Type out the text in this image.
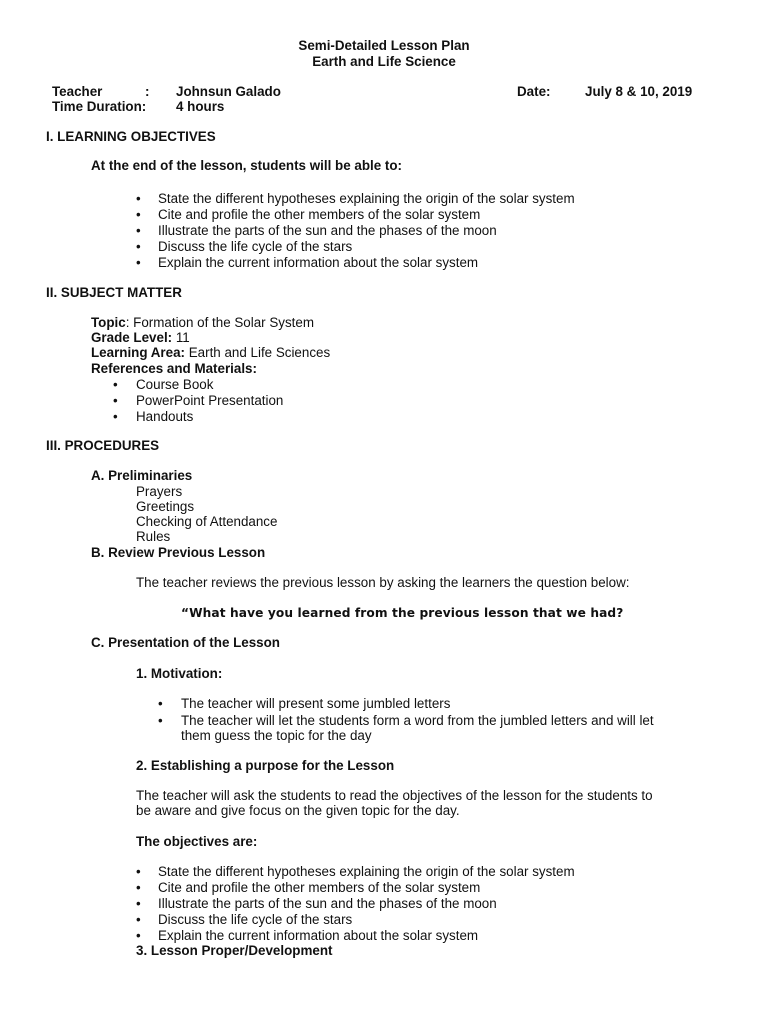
Semi-Detailed Lesson Plan
Earth and Life Science
Teacher	: Johnsun Galado	Date:	July 8 & 10, 2019
Time Duration: 4 hours
I. LEARNING OBJECTIVES
At the end of the lesson, students will be able to:
• State the different hypotheses explaining the origin of the solar system
• Cite and profile the other members of the solar system
• Illustrate the parts of the sun and the phases of the moon
• Discuss the life cycle of the stars
• Explain the current information about the solar system
II. SUBJECT MATTER
Topic: Formation of the Solar System
Grade Level: 11
Learning Area: Earth and Life Sciences
References and Materials:
• Course Book
• PowerPoint Presentation
• Handouts
III. PROCEDURES
A. Preliminaries
Prayers
Greetings
Checking of Attendance
Rules
B. Review Previous Lesson
The teacher reviews the previous lesson by asking the learners the question below:
“What have you learned from the previous lesson that we had?
C. Presentation of the Lesson
1. Motivation:
• The teacher will present some jumbled letters
• The teacher will let the students form a word from the jumbled letters and will let
them guess the topic for the day
2. Establishing a purpose for the Lesson
The teacher will ask the students to read the objectives of the lesson for the students to
be aware and give focus on the given topic for the day.
The objectives are:
• State the different hypotheses explaining the origin of the solar system
• Cite and profile the other members of the solar system
• Illustrate the parts of the sun and the phases of the moon
• Discuss the life cycle of the stars
• Explain the current information about the solar system
3. Lesson Proper/Development
